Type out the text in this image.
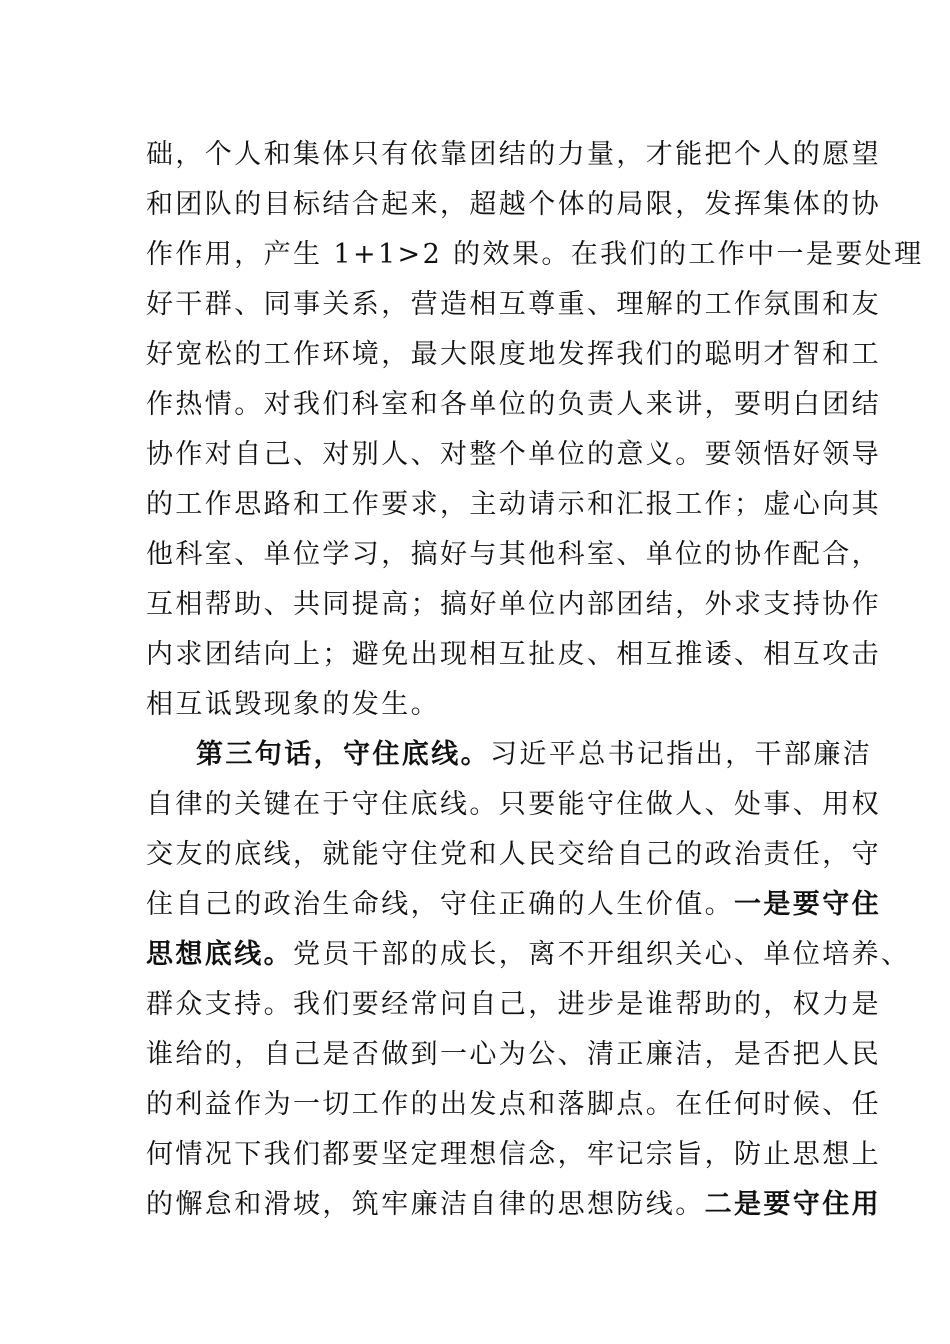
础，个人和集体只有依靠团结的力量，才能把个人的愿望
和团队的目标结合起来，超越个体的局限，发挥集体的协
作作用，产生 1+1>2 的效果。在我们的工作中一是要处理
好干群、同事关系，营造相互尊重、理解的工作氛围和友
好宽松的工作环境，最大限度地发挥我们的聪明才智和工
作热情。对我们科室和各单位的负责人来讲，要明白团结
协作对自己、对别人、对整个单位的意义。要领悟好领导
的工作思路和工作要求，主动请示和汇报工作；虚心向其
他科室、单位学习，搞好与其他科室、单位的协作配合，
互相帮助、共同提高；搞好单位内部团结，外求支持协作
内求团结向上；避免出现相互扯皮、相互推诿、相互攻击
相互诋毁现象的发生。
第三句话，守住底线。习近平总书记指出，干部廉洁
自律的关键在于守住底线。只要能守住做人、处事、用权
交友的底线，就能守住党和人民交给自己的政治责任，守
住自己的政治生命线，守住正确的人生价值。一是要守住
思想底线。党员干部的成长，离不开组织关心、单位培养、
群众支持。我们要经常问自己，进步是谁帮助的，权力是
谁给的，自己是否做到一心为公、清正廉洁，是否把人民
的利益作为一切工作的出发点和落脚点。在任何时候、任
何情况下我们都要坚定理想信念，牢记宗旨，防止思想上
的懈怠和滑坡，筑牢廉洁自律的思想防线。二是要守住用
